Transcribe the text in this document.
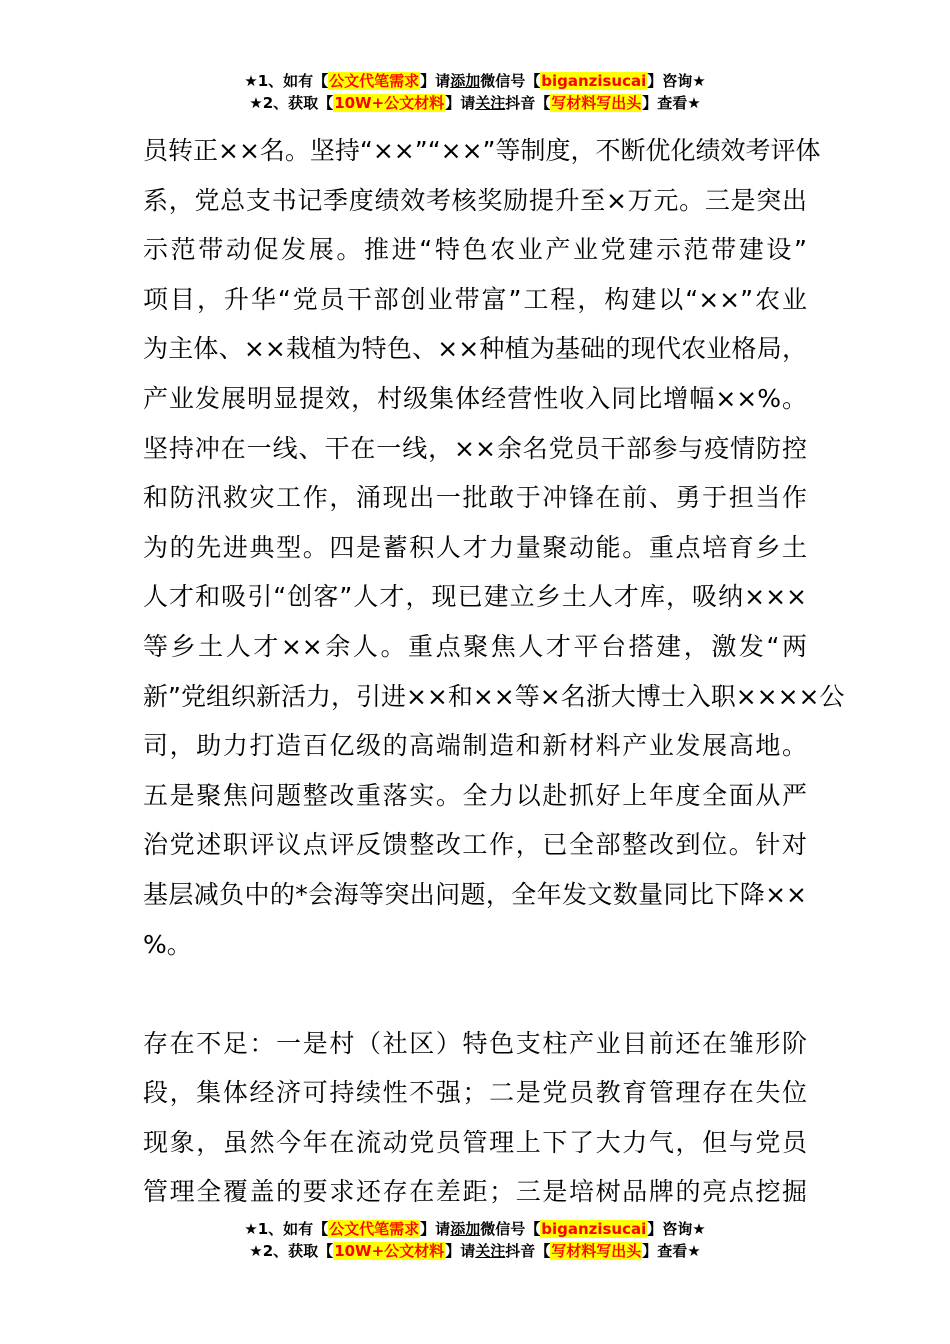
★1、如有【公文代笔需求】请添加微信号【biganzisucai】咨询★
★2、获取【10W+公文材料】请关注抖音【写材料写出头】查看★
员转正××名。坚持“××”“××”等制度，不断优化绩效考评体
系，党总支书记季度绩效考核奖励提升至×万元。三是突出
示范带动促发展。推进“特色农业产业党建示范带建设”
项目，升华“党员干部创业带富”工程，构建以“××”农业
为主体、××栽植为特色、××种植为基础的现代农业格局，
产业发展明显提效，村级集体经营性收入同比增幅××%。
坚持冲在一线、干在一线，××余名党员干部参与疫情防控
和防汛救灾工作，涌现出一批敢于冲锋在前、勇于担当作
为的先进典型。四是蓄积人才力量聚动能。重点培育乡土
人才和吸引“创客”人才，现已建立乡土人才库，吸纳×××
等乡土人才××余人。重点聚焦人才平台搭建，激发“两
新”党组织新活力，引进××和××等×名浙大博士入职××××公
司，助力打造百亿级的高端制造和新材料产业发展高地。
五是聚焦问题整改重落实。全力以赴抓好上年度全面从严
治党述职评议点评反馈整改工作，已全部整改到位。针对
基层减负中的*会海等突出问题，全年发文数量同比下降××
%。
存在不足：一是村（社区）特色支柱产业目前还在雏形阶
段，集体经济可持续性不强；二是党员教育管理存在失位
现象，虽然今年在流动党员管理上下了大力气，但与党员
管理全覆盖的要求还存在差距；三是培树品牌的亮点挖掘
★1、如有【公文代笔需求】请添加微信号【biganzisucai】咨询★
★2、获取【10W+公文材料】请关注抖音【写材料写出头】查看★
